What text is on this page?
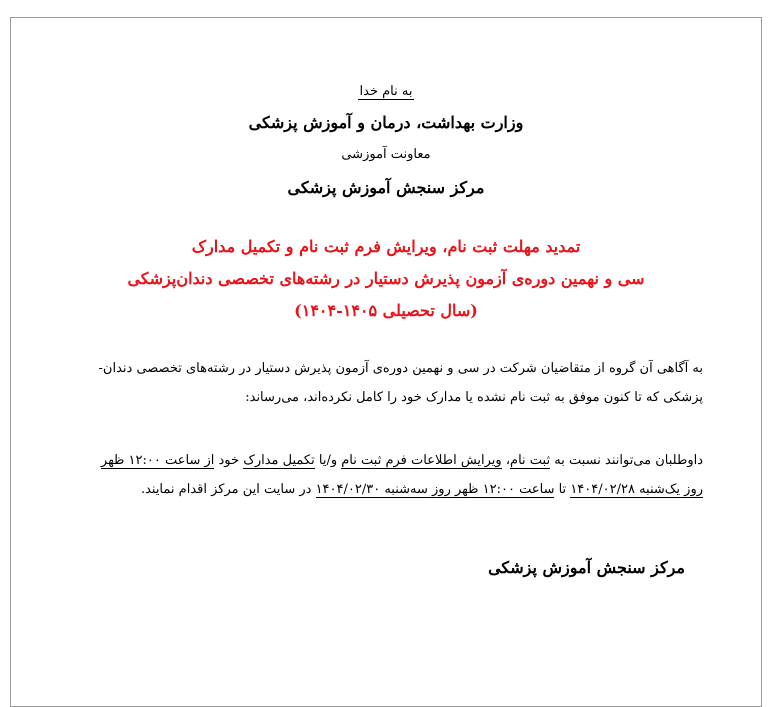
به نام خدا
وزارت بهداشت، درمان و آموزش پزشکی
معاونت آموزشی
مرکز سنجش آموزش پزشکی
تمدید مهلت ثبت نام، ویرایش فرم ثبت نام و تکمیل مدارک
سی و نهمین دوره‌ی آزمون پذیرش دستیار در رشته‌های تخصصی دندان‌پزشکی
(سال تحصیلی ۱۴۰۵-۱۴۰۴)
به آگاهی آن گروه از متقاضیان شرکت در سی و نهمین دوره‌ی آزمون پذیرش دستیار در رشته‌های تخصصی دندان-
پزشکی که تا کنون موفق به ثبت نام نشده یا مدارک خود را کامل نکرده‌اند، می‌رساند:
داوطلبان می‌توانند نسبت به ثبت نام، ویرایش اطلاعات فرم ثبت نام و/یا تکمیل مدارک خود از ساعت ۱۲:۰۰ ظهر
روز یک‌شنبه ۱۴۰۴/۰۲/۲۸ تا ساعت ۱۲:۰۰ ظهر روز سه‌شنبه ۱۴۰۴/۰۲/۳۰ در سایت این مرکز اقدام نمایند.
مرکز سنجش آموزش پزشکی
